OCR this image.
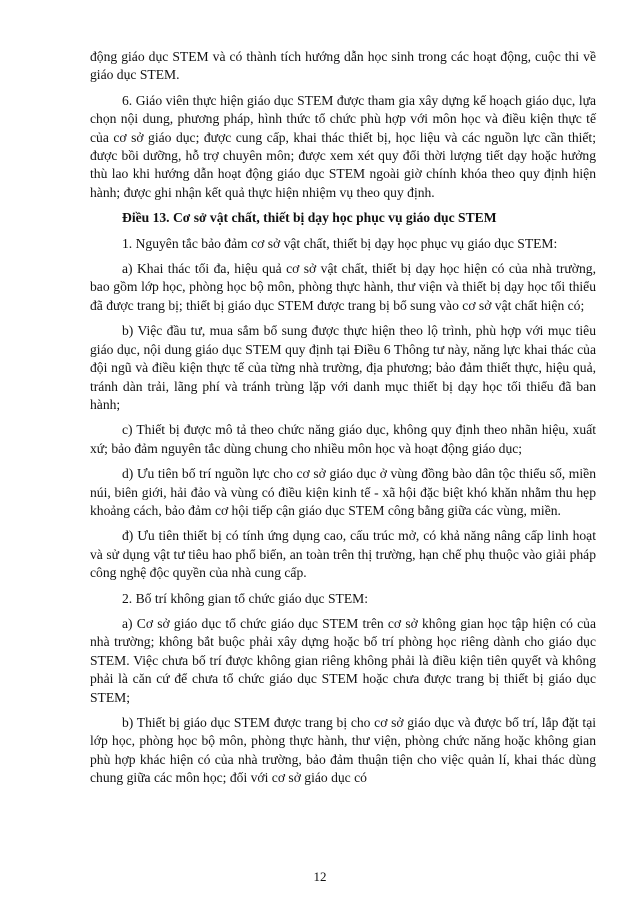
động giáo dục STEM và có thành tích hướng dẫn học sinh trong các hoạt động, cuộc thi về giáo dục STEM.

6. Giáo viên thực hiện giáo dục STEM được tham gia xây dựng kế hoạch giáo dục, lựa chọn nội dung, phương pháp, hình thức tổ chức phù hợp với môn học và điều kiện thực tế của cơ sở giáo dục; được cung cấp, khai thác thiết bị, học liệu và các nguồn lực cần thiết; được bồi dưỡng, hỗ trợ chuyên môn; được xem xét quy đổi thời lượng tiết dạy hoặc hưởng thù lao khi hướng dẫn hoạt động giáo dục STEM ngoài giờ chính khóa theo quy định hiện hành; được ghi nhận kết quả thực hiện nhiệm vụ theo quy định.

Điều 13. Cơ sở vật chất, thiết bị dạy học phục vụ giáo dục STEM

1. Nguyên tắc bảo đảm cơ sở vật chất, thiết bị dạy học phục vụ giáo dục STEM:

a) Khai thác tối đa, hiệu quả cơ sở vật chất, thiết bị dạy học hiện có của nhà trường, bao gồm lớp học, phòng học bộ môn, phòng thực hành, thư viện và thiết bị dạy học tối thiểu đã được trang bị; thiết bị giáo dục STEM được trang bị bổ sung vào cơ sở vật chất hiện có;

b) Việc đầu tư, mua sắm bổ sung được thực hiện theo lộ trình, phù hợp với mục tiêu giáo dục, nội dung giáo dục STEM quy định tại Điều 6 Thông tư này, năng lực khai thác của đội ngũ và điều kiện thực tế của từng nhà trường, địa phương; bảo đảm thiết thực, hiệu quả, tránh dàn trải, lãng phí và tránh trùng lặp với danh mục thiết bị dạy học tối thiểu đã ban hành;

c) Thiết bị được mô tả theo chức năng giáo dục, không quy định theo nhãn hiệu, xuất xứ; bảo đảm nguyên tắc dùng chung cho nhiều môn học và hoạt động giáo dục;

d) Ưu tiên bố trí nguồn lực cho cơ sở giáo dục ở vùng đồng bào dân tộc thiểu số, miền núi, biên giới, hải đảo và vùng có điều kiện kinh tế - xã hội đặc biệt khó khăn nhằm thu hẹp khoảng cách, bảo đảm cơ hội tiếp cận giáo dục STEM công bằng giữa các vùng, miền.

đ) Ưu tiên thiết bị có tính ứng dụng cao, cấu trúc mở, có khả năng nâng cấp linh hoạt và sử dụng vật tư tiêu hao phổ biến, an toàn trên thị trường, hạn chế phụ thuộc vào giải pháp công nghệ độc quyền của nhà cung cấp.

2. Bố trí không gian tổ chức giáo dục STEM:

a) Cơ sở giáo dục tổ chức giáo dục STEM trên cơ sở không gian học tập hiện có của nhà trường; không bắt buộc phải xây dựng hoặc bố trí phòng học riêng dành cho giáo dục STEM. Việc chưa bố trí được không gian riêng không phải là điều kiện tiên quyết và không phải là căn cứ để chưa tổ chức giáo dục STEM hoặc chưa được trang bị thiết bị giáo dục STEM;

b) Thiết bị giáo dục STEM được trang bị cho cơ sở giáo dục và được bố trí, lắp đặt tại lớp học, phòng học bộ môn, phòng thực hành, thư viện, phòng chức năng hoặc không gian phù hợp khác hiện có của nhà trường, bảo đảm thuận tiện cho việc quản lí, khai thác dùng chung giữa các môn học; đối với cơ sở giáo dục có

12
